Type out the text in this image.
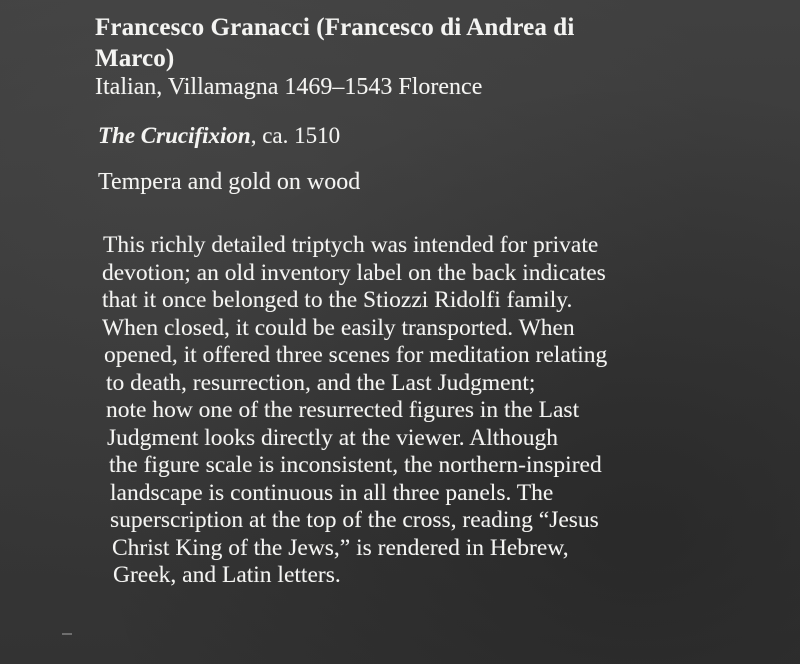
Francesco Granacci (Francesco di Andrea di Marco)
Italian, Villamagna 1469–1543 Florence
The Crucifixion, ca. 1510
Tempera and gold on wood
This richly detailed triptych was intended for private
devotion; an old inventory label on the back indicates
that it once belonged to the Stiozzi Ridolfi family.
When closed, it could be easily transported. When
opened, it offered three scenes for meditation relating
to death, resurrection, and the Last Judgment;
note how one of the resurrected figures in the Last
Judgment looks directly at the viewer. Although
the figure scale is inconsistent, the northern-inspired
landscape is continuous in all three panels. The
superscription at the top of the cross, reading “Jesus
Christ King of the Jews,” is rendered in Hebrew,
Greek, and Latin letters.
